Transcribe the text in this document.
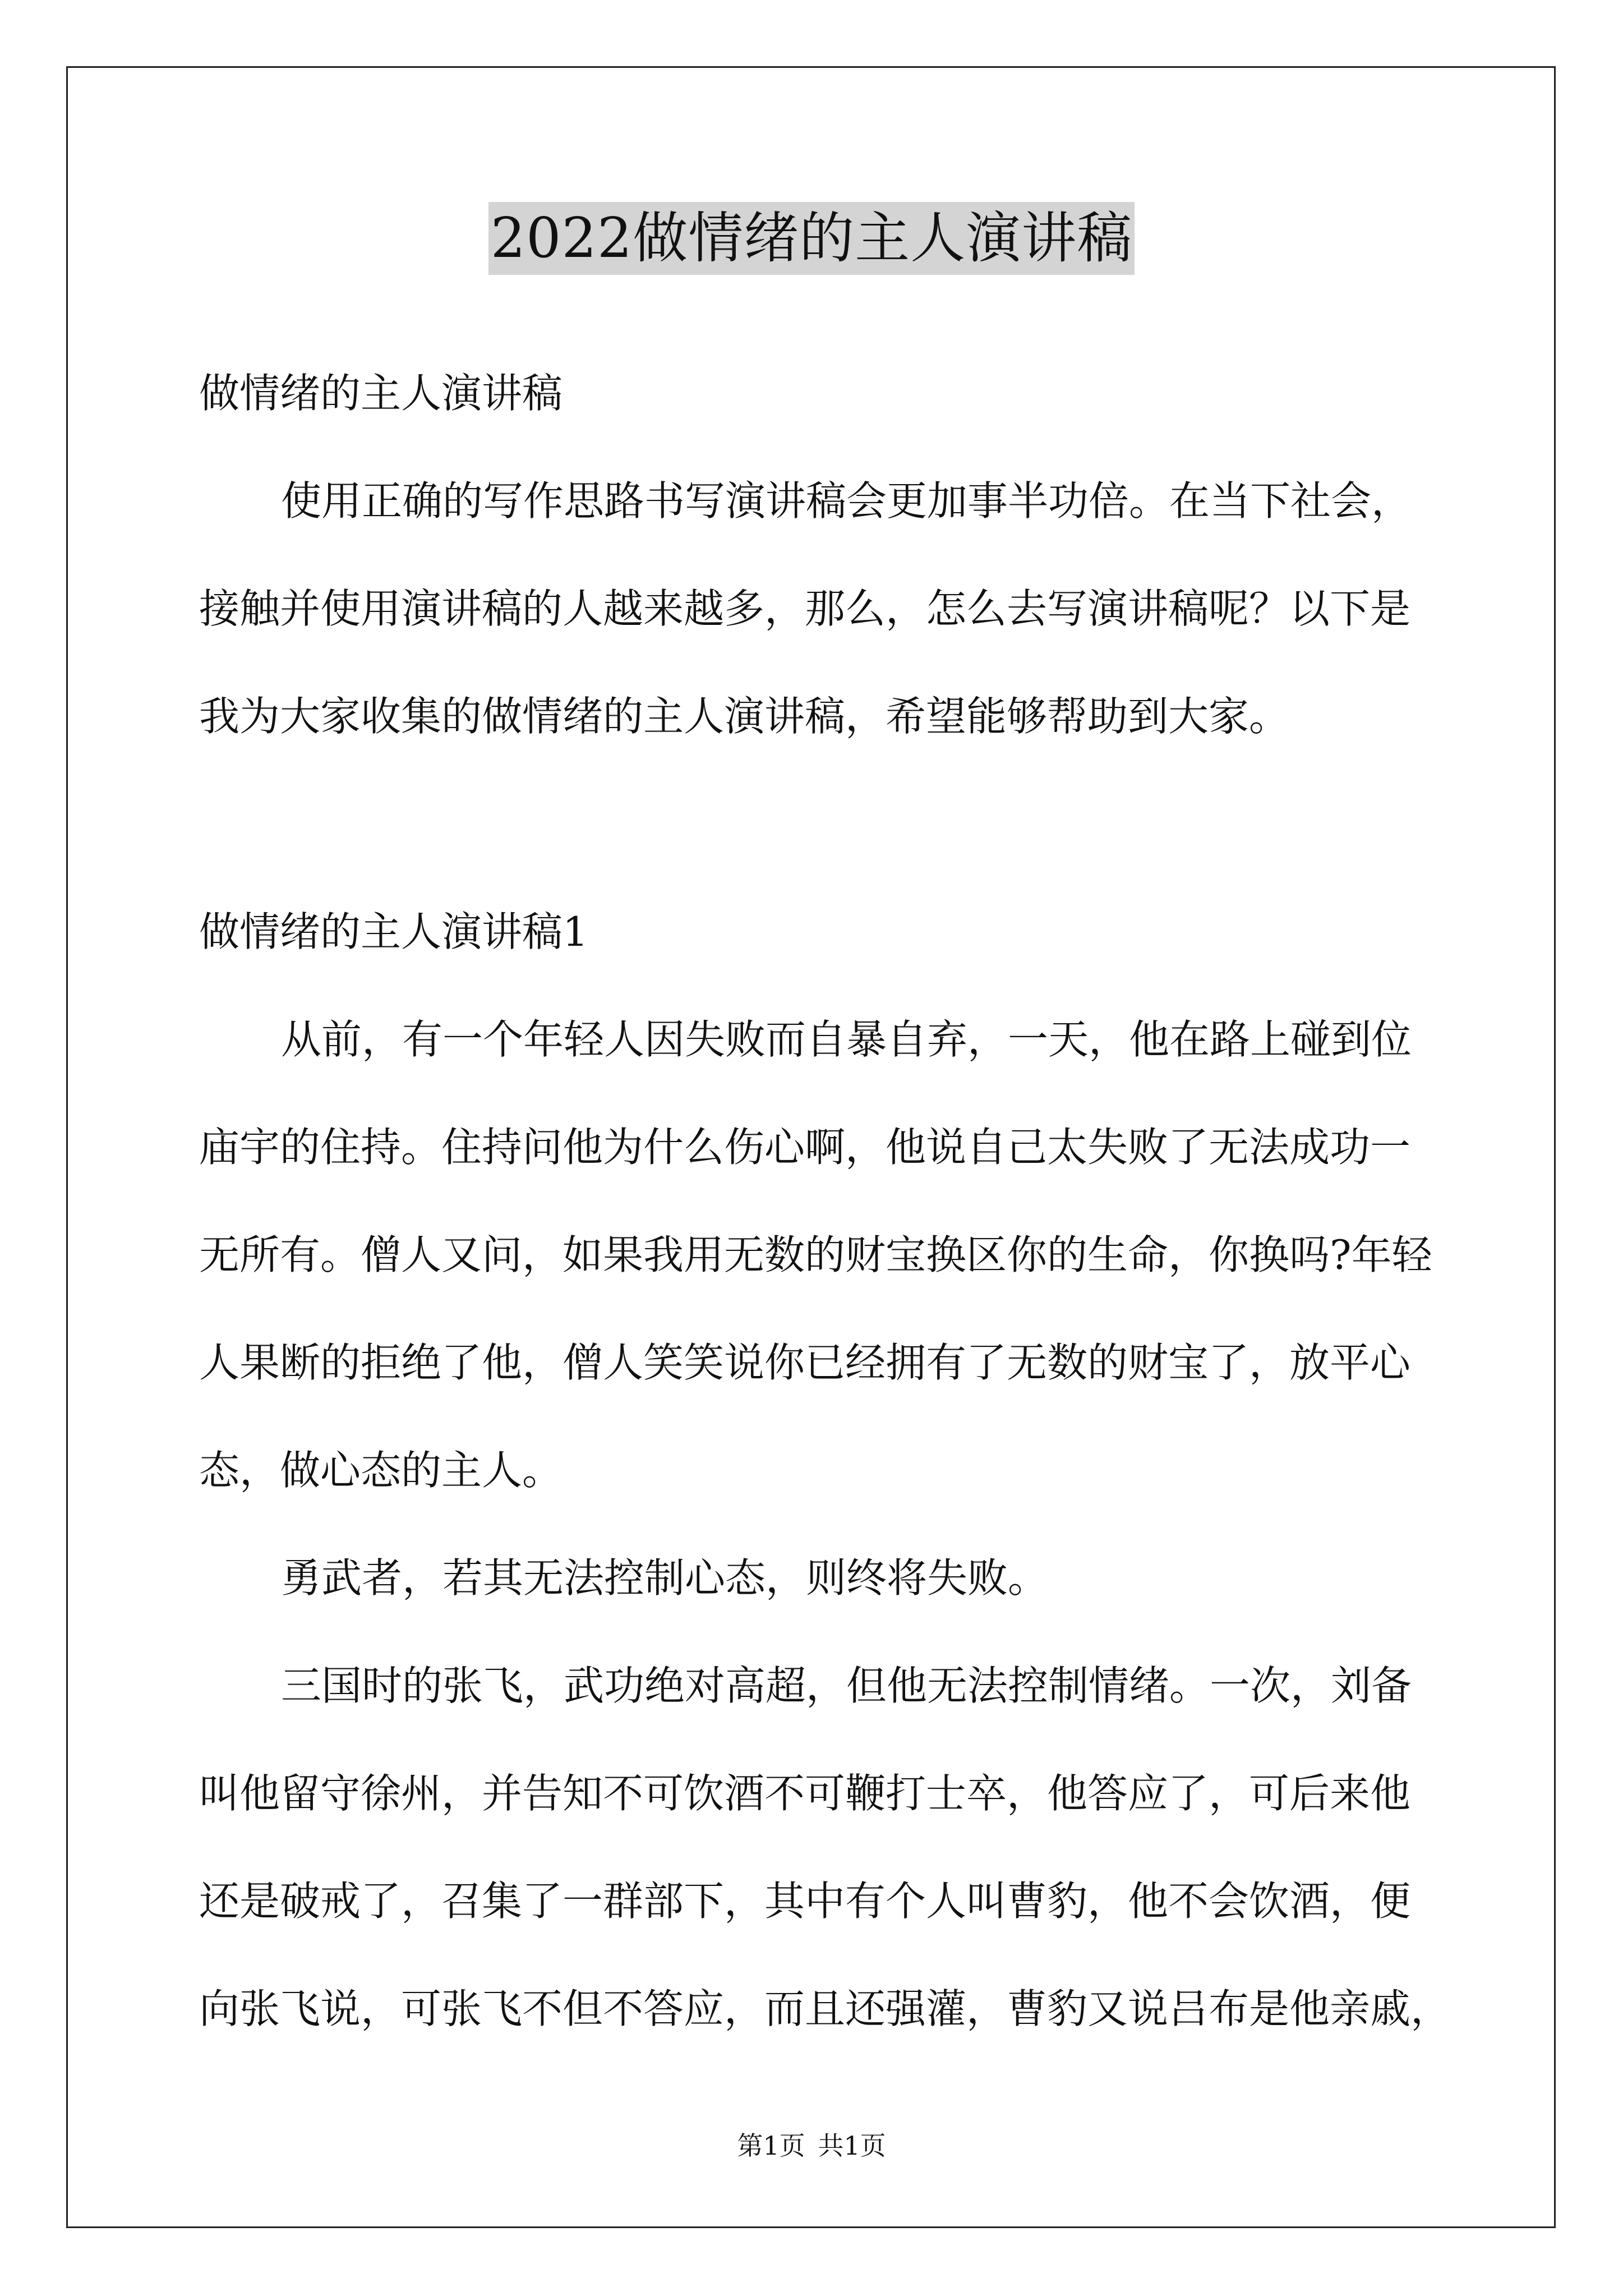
2022做情绪的主人演讲稿
做情绪的主人演讲稿
使用正确的写作思路书写演讲稿会更加事半功倍。在当下社会，
接触并使用演讲稿的人越来越多，那么，怎么去写演讲稿呢？以下是
我为大家收集的做情绪的主人演讲稿，希望能够帮助到大家。
做情绪的主人演讲稿1
从前，有一个年轻人因失败而自暴自弃，一天，他在路上碰到位
庙宇的住持。住持问他为什么伤心啊，他说自己太失败了无法成功一
无所有。僧人又问，如果我用无数的财宝换区你的生命，你换吗?年轻
人果断的拒绝了他，僧人笑笑说你已经拥有了无数的财宝了，放平心
态，做心态的主人。
勇武者，若其无法控制心态，则终将失败。
三国时的张飞，武功绝对高超，但他无法控制情绪。一次，刘备
叫他留守徐州，并告知不可饮酒不可鞭打士卒，他答应了，可后来他
还是破戒了，召集了一群部下，其中有个人叫曹豹，他不会饮酒，便
向张飞说，可张飞不但不答应，而且还强灌，曹豹又说吕布是他亲戚，
第1页 共1页
